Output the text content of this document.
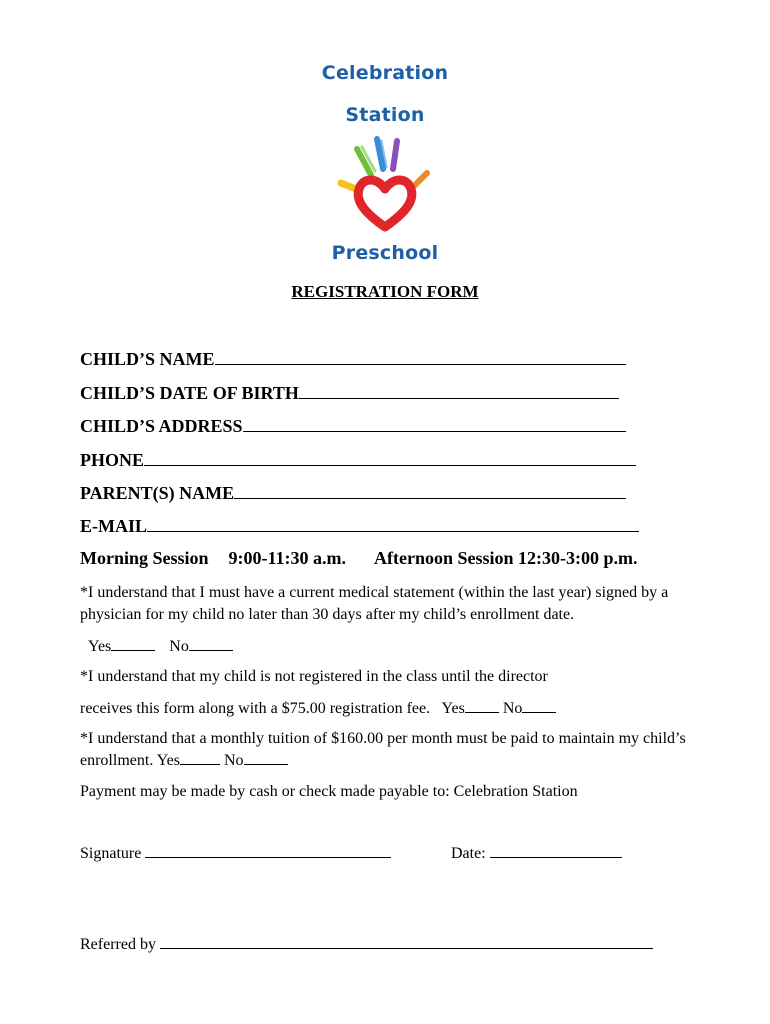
Celebration
Station
Preschool
REGISTRATION FORM
CHILD’S NAME
CHILD’S DATE OF BIRTH
CHILD’S ADDRESS
PHONE
PARENT(S) NAME
E-MAIL
Morning Session 9:00-11:30 a.m. Afternoon Session 12:30-3:00 p.m.
*I understand that I must have a current medical statement (within the last year) signed by a physician for my child no later than 30 days after my child’s enrollment date.
Yes	No
*I understand that my child is not registered in the class until the director
receives this form along with a $75.00 registration fee. Yes No
*I understand that a monthly tuition of $160.00 per month must be paid to maintain my child’s enrollment. Yes	No
Payment may be made by cash or check made payable to: Celebration Station
Signature	Date:
Referred by
